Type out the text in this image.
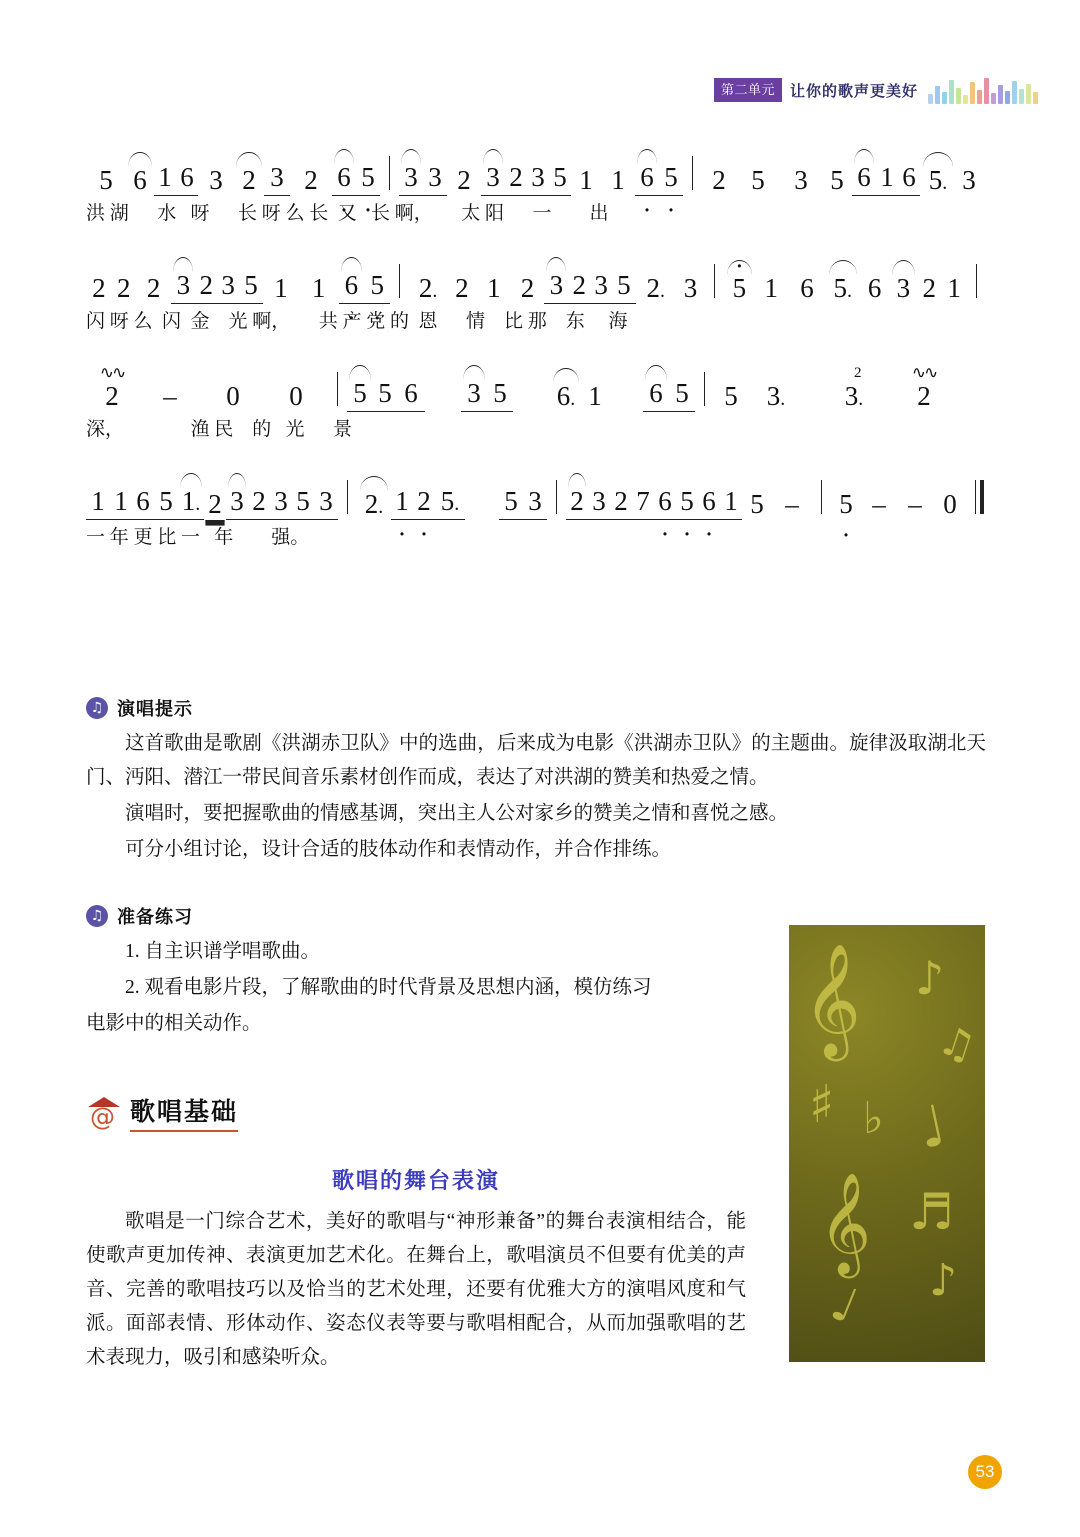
第二单元	让你的歌声更美好
5 6 1 6 3 2 3 2 6 · 5 · 3 3 2 3 2 3 5 1 1 6 · 5 ·	2 5	3 5 6 1 6 5. 3
洪 湖      水   呀      长 呀 么 长  又   长 啊，      太 阳      一        出
2 2 2 3 2 3 5 1 1 6 · 5 ·	2. 2 1 2 3 2 3 5 2. 3	· 5 1 6 5. 6 3 2 1
闪 呀 么  闪  金    光 啊，      共 产 党 的  恩      情    比 那    东     海
∿∿
2	–	0	0	5 5 6 3 5 6. 1 6 5	5	3.
2
3.
∿∿
2
深，              渔 民    的   光      景
1 1 6 5 1. 2 3 2 3 5 3 2. 1 · 2 · 5. 5 3 2 3 2 7 6 · 5 · 6 · 1 5 –	5 · – – 0
一 年 更 比 一   年        强。
♫ 演唱提示

这首歌曲是歌剧《洪湖赤卫队》中的选曲，后来成为电影《洪湖赤卫队》的主题曲。旋律汲取湖北天门、沔阳、潜江一带民间音乐素材创作而成，表达了对洪湖的赞美和热爱之情。

演唱时，要把握歌曲的情感基调，突出主人公对家乡的赞美之情和喜悦之感。

可分小组讨论，设计合适的肢体动作和表情动作，并合作排练。

♫ 准备练习

1. 自主识谱学唱歌曲。

2. 观看电影片段，了解歌曲的时代背景及思想内涵，模仿练习

电影中的相关动作。

@ 歌唱基础
歌唱的舞台表演

歌唱是一门综合艺术，美好的歌唱与“神形兼备”的舞台表演相结合，能使歌声更加传神、表演更加艺术化。在舞台上，歌唱演员不但要有优美的声音、完善的歌唱技巧以及恰当的艺术处理，还要有优雅大方的演唱风度和气派。面部表情、形体动作、姿态仪表等要与歌唱相配合，从而加强歌唱的艺术表现力，吸引和感染听众。

𝄞 ♪
♫
♯ ♭ ♩
𝄞 ♬
♪
♩
53
